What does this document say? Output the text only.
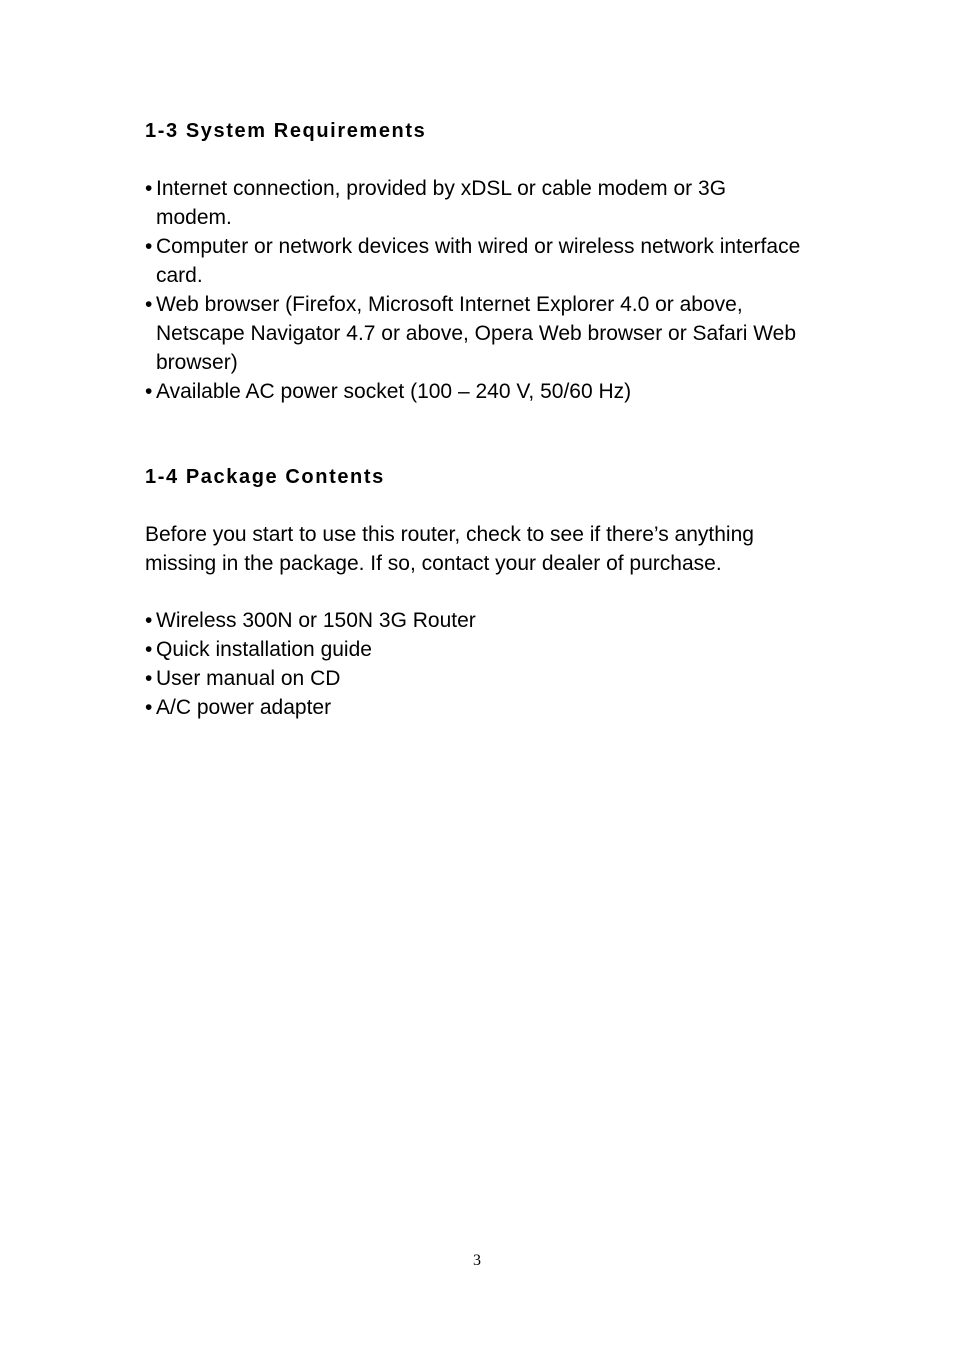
1-3 System Requirements
• Internet connection, provided by xDSL or cable modem or 3G modem.
• Computer or network devices with wired or wireless network interface card.
• Web browser (Firefox, Microsoft Internet Explorer 4.0 or above, Netscape Navigator 4.7 or above, Opera Web browser or Safari Web browser)
• Available AC power socket (100 – 240 V, 50/60 Hz)
1-4 Package Contents

Before you start to use this router, check to see if there’s anything missing in the package. If so, contact your dealer of purchase.

• Wireless 300N or 150N 3G Router
• Quick installation guide
• User manual on CD
• A/C power adapter
3
